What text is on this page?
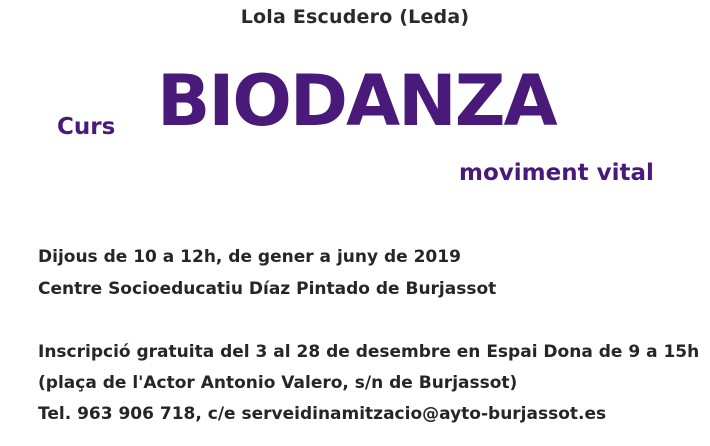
Lola Escudero (Leda)
Curs BIODANZA
moviment vital
Dijous de 10 a 12h, de gener a juny de 2019
Centre Socioeducatiu Díaz Pintado de Burjassot
Inscripció gratuita del 3 al 28 de desembre en Espai Dona de 9 a 15h
(plaça de l'Actor Antonio Valero, s/n de Burjassot)
Tel. 963 906 718, c/e serveidinamitzacio@ayto-burjassot.es
